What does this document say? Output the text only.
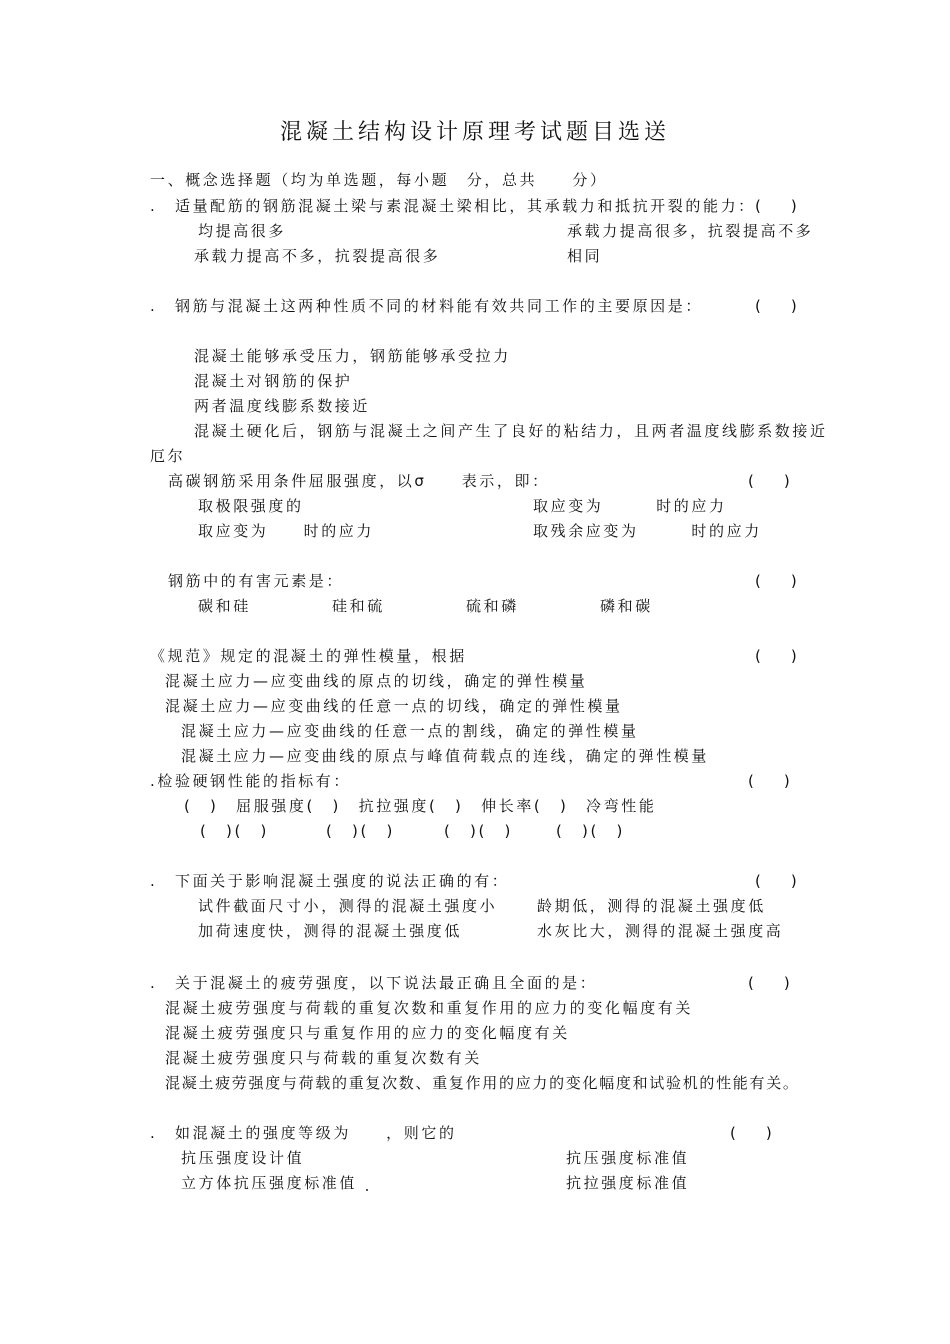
混凝土结构设计原理考试题目选送
一、概念选择题（均为单选题，每小题　分，总共　　分）
.　适量配筋的钢筋混凝土梁与素混凝土梁相比，其承载力和抵抗开裂的能力： (　　)
均提高很多	承载力提高很多，抗裂提高不多
承载力提高不多，抗裂提高很多	相同
.　钢筋与混凝土这两种性质不同的材料能有效共同工作的主要原因是：	(　　)
混凝土能够承受压力，钢筋能够承受拉力
混凝土对钢筋的保护
两者温度线膨系数接近
混凝土硬化后，钢筋与混凝土之间产生了良好的粘结力，且两者温度线膨系数接近
厄尔
高碳钢筋采用条件屈服强度，以σ　　表示，即：	(　　)
取极限强度的	取应变为　　　时的应力
取应变为　　时的应力	取残余应变为　　　时的应力
钢筋中的有害元素是：	(　　)
碳和硅	硅和硫	硫和磷	磷和碳
《规范》规定的混凝土的弹性模量，根据	(　　)
混凝土应力—应变曲线的原点的切线，确定的弹性模量
混凝土应力—应变曲线的任意一点的切线，确定的弹性模量
混凝土应力—应变曲线的任意一点的割线，确定的弹性模量
混凝土应力—应变曲线的原点与峰值荷载点的连线，确定的弹性模量
.检验硬钢性能的指标有：	(　　)
(　)　屈服强度(　)　抗拉强度(　)　伸长率(　)　冷弯性能
(　)(　)	(　)(　)	(　)(　)	(　)(　)
.　下面关于影响混凝土强度的说法正确的有：	(　　)
试件截面尺寸小，测得的混凝土强度小	龄期低，测得的混凝土强度低
加荷速度快，测得的混凝土强度低	水灰比大，测得的混凝土强度高
.　关于混凝土的疲劳强度，以下说法最正确且全面的是：	(　　)
混凝土疲劳强度与荷载的重复次数和重复作用的应力的变化幅度有关
混凝土疲劳强度只与重复作用的应力的变化幅度有关
混凝土疲劳强度只与荷载的重复次数有关
混凝土疲劳强度与荷载的重复次数、重复作用的应力的变化幅度和试验机的性能有关。
.　如混凝土的强度等级为　　，则它的	(　　)
抗压强度设计值	抗压强度标准值
立方体抗压强度标准值	抗拉强度标准值
